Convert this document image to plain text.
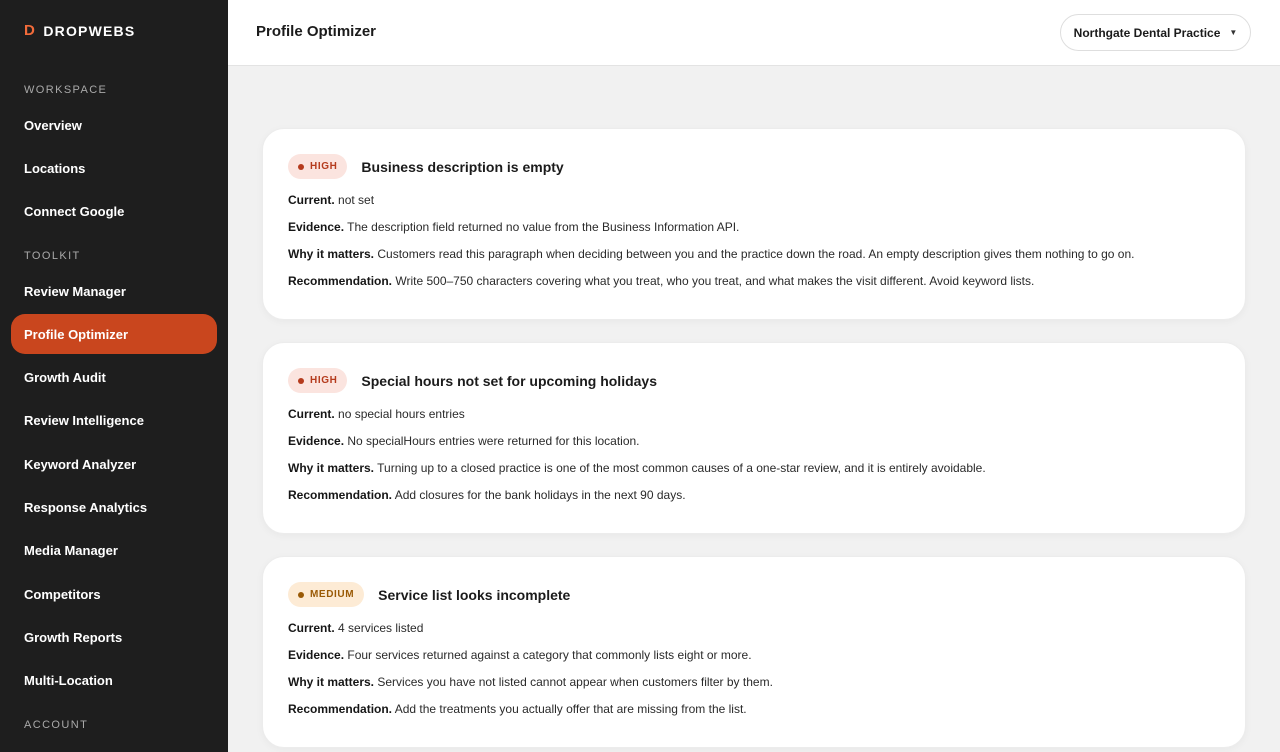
D DROPWEBS
WORKSPACE
Overview
Locations
Connect Google
TOOLKIT
Review Manager
Profile Optimizer
Growth Audit
Review Intelligence
Keyword Analyzer
Response Analytics
Media Manager
Competitors
Growth Reports
Multi-Location
ACCOUNT
Profile Optimizer	Northgate Dental Practice ▼
HIGH Business description is empty

Current. not set

Evidence. The description field returned no value from the Business Information API.

Why it matters. Customers read this paragraph when deciding between you and the practice down the road. An empty description gives them nothing to go on.

Recommendation. Write 500–750 characters covering what you treat, who you treat, and what makes the visit different. Avoid keyword lists.

HIGH Special hours not set for upcoming holidays

Current. no special hours entries

Evidence. No specialHours entries were returned for this location.

Why it matters. Turning up to a closed practice is one of the most common causes of a one-star review, and it is entirely avoidable.

Recommendation. Add closures for the bank holidays in the next 90 days.

MEDIUM Service list looks incomplete

Current. 4 services listed

Evidence. Four services returned against a category that commonly lists eight or more.

Why it matters. Services you have not listed cannot appear when customers filter by them.

Recommendation. Add the treatments you actually offer that are missing from the list.
